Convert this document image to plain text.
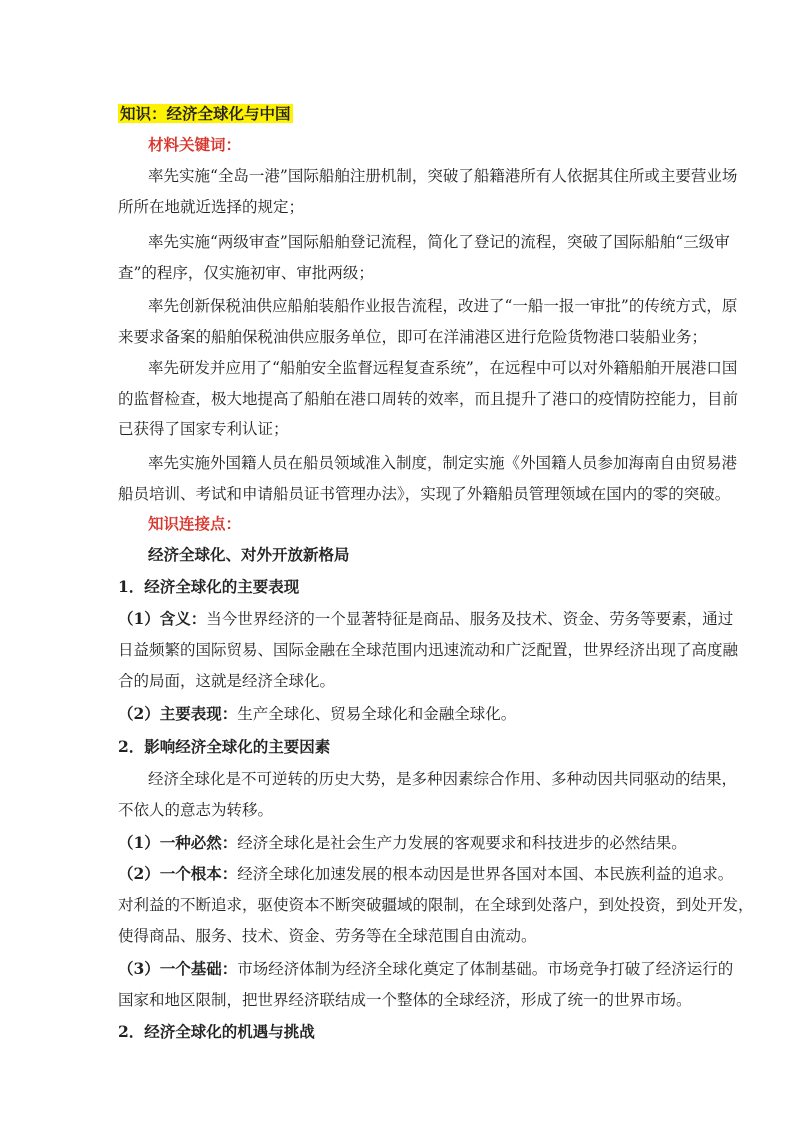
知识：经济全球化与中国
材料关键词：
率先实施“全岛一港”国际船舶注册机制，突破了船籍港所有人依据其住所或主要营业场
所所在地就近选择的规定；
率先实施“两级审查”国际船舶登记流程，简化了登记的流程，突破了国际船舶“三级审
查”的程序，仅实施初审、审批两级；
率先创新保税油供应船舶装船作业报告流程，改进了“一船一报一审批”的传统方式，原
来要求备案的船舶保税油供应服务单位，即可在洋浦港区进行危险货物港口装船业务；
率先研发并应用了“船舶安全监督远程复查系统”，在远程中可以对外籍船舶开展港口国
的监督检查，极大地提高了船舶在港口周转的效率，而且提升了港口的疫情防控能力，目前
已获得了国家专利认证；
率先实施外国籍人员在船员领域准入制度，制定实施《外国籍人员参加海南自由贸易港
船员培训、考试和申请船员证书管理办法》，实现了外籍船员管理领域在国内的零的突破。
知识连接点：
经济全球化、对外开放新格局
1．经济全球化的主要表现
（1）含义：当今世界经济的一个显著特征是商品、服务及技术、资金、劳务等要素，通过
日益频繁的国际贸易、国际金融在全球范围内迅速流动和广泛配置，世界经济出现了高度融
合的局面，这就是经济全球化。
（2）主要表现：生产全球化、贸易全球化和金融全球化。
2．影响经济全球化的主要因素
经济全球化是不可逆转的历史大势，是多种因素综合作用、多种动因共同驱动的结果，
不依人的意志为转移。
（1）一种必然：经济全球化是社会生产力发展的客观要求和科技进步的必然结果。
（2）一个根本：经济全球化加速发展的根本动因是世界各国对本国、本民族利益的追求。
对利益的不断追求，驱使资本不断突破疆域的限制，在全球到处落户，到处投资，到处开发，
使得商品、服务、技术、资金、劳务等在全球范围自由流动。
（3）一个基础：市场经济体制为经济全球化奠定了体制基础。市场竞争打破了经济运行的
国家和地区限制，把世界经济联结成一个整体的全球经济，形成了统一的世界市场。
2．经济全球化的机遇与挑战
